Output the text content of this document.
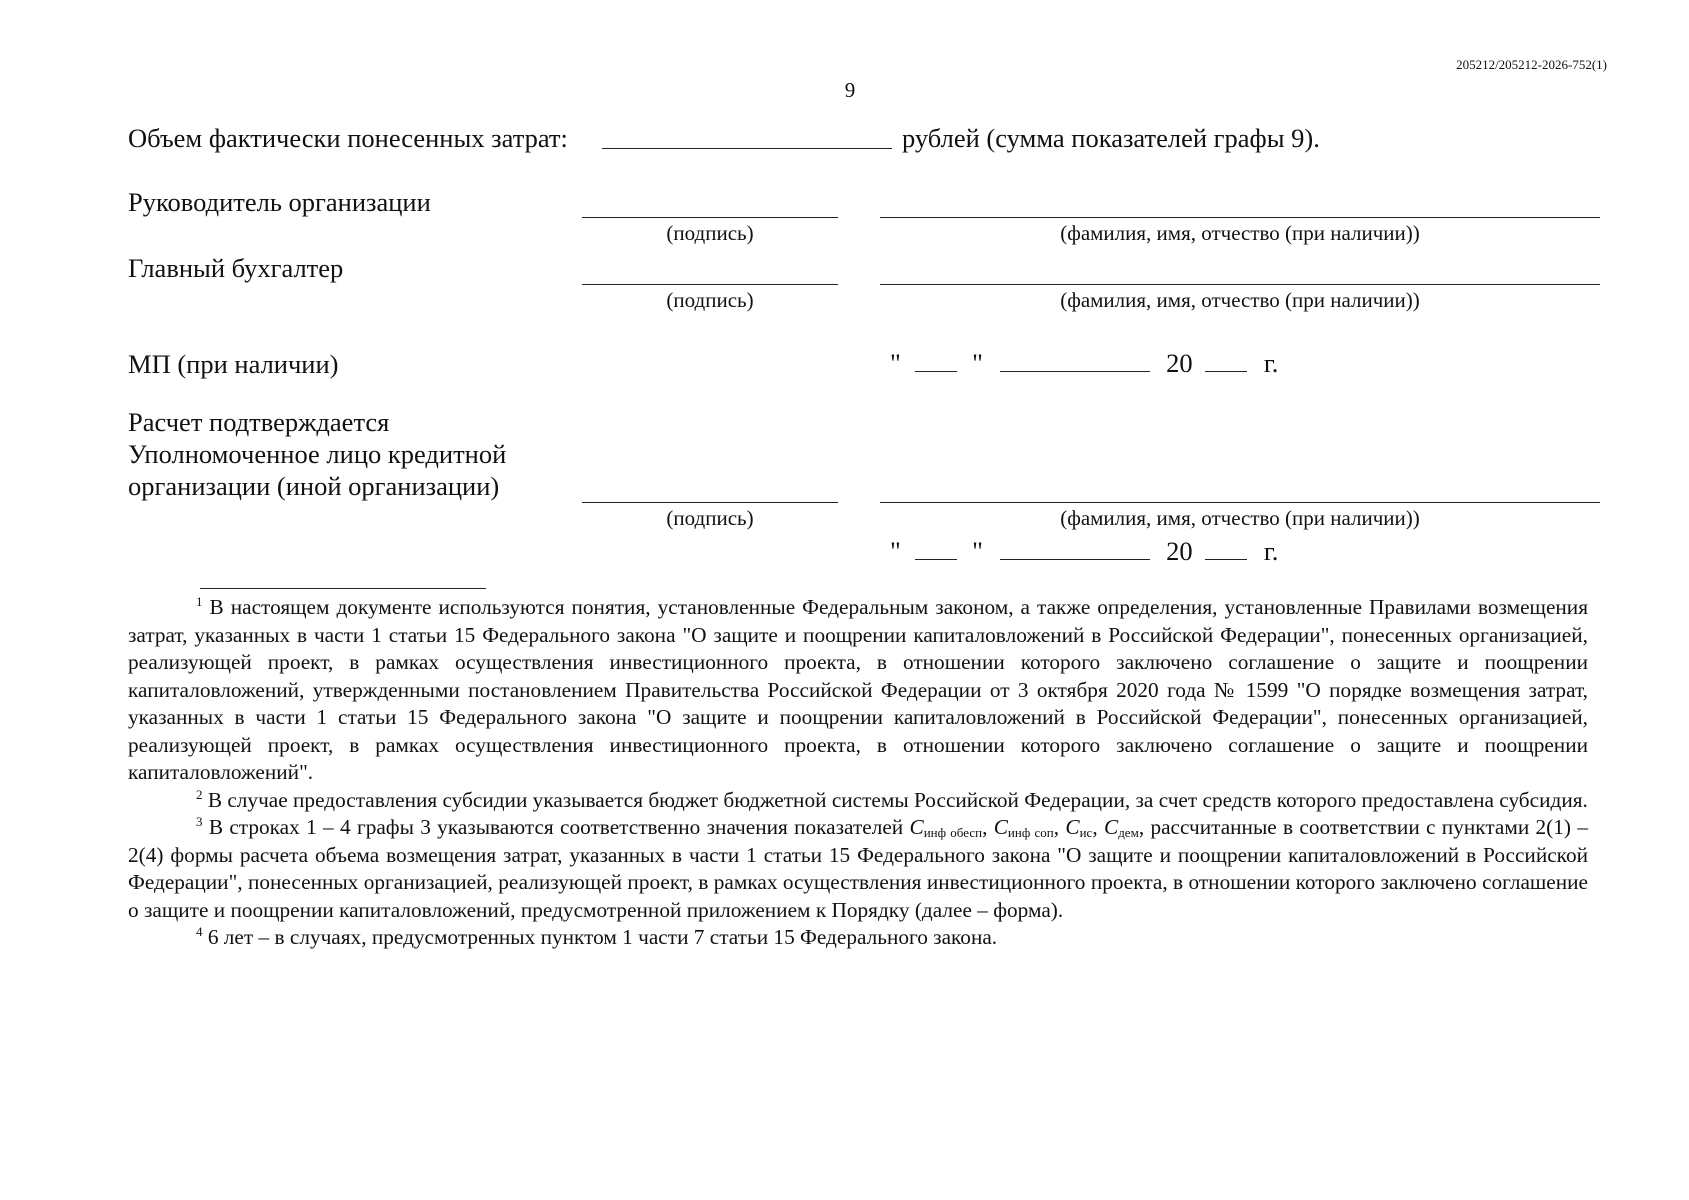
205212/205212-2026-752(1)
9
Объем фактически понесенных затрат:	рублей (сумма показателей графы 9).
Руководитель организации
(подпись)	(фамилия, имя, отчество (при наличии))
Главный бухгалтер
(подпись)	(фамилия, имя, отчество (при наличии))
МП (при наличии)	"	"	20	г.
Расчет подтверждается
Уполномоченное лицо кредитной
организации (иной организации)
(подпись)	(фамилия, имя, отчество (при наличии))
"	"	20	г.

$^1$ В настоящем документе используются понятия, установленные Федеральным законом, а также определения, установленные Правилами возмещения затрат, указанных в части 1 статьи 15 Федерального закона "О защите и поощрении капиталовложений в Российской Федерации", понесенных организацией, реализующей проект, в рамках осуществления инвестиционного проекта, в отношении которого заключено соглашение о защите и поощрении капиталовложений, утвержденными постановлением Правительства Российской Федерации от 3 октября 2020 года № 1599 "О порядке возмещения затрат, указанных в части 1 статьи 15 Федерального закона "О защите и поощрении капиталовложений в Российской Федерации", понесенных организацией, реализующей проект, в рамках осуществления инвестиционного проекта, в отношении которого заключено соглашение о защите и поощрении капиталовложений".

$^2$ В случае предоставления субсидии указывается бюджет бюджетной системы Российской Федерации, за счет средств которого предоставлена субсидия.

$^3$ В строках 1 – 4 графы 3 указываются соответственно значения показателей $C_{инф обесп}$, $C_{инф соп}$, $C_{ис}$, $C_{дем}$, рассчитанные в соответствии с пунктами 2(1) – 2(4) формы расчета объема возмещения затрат, указанных в части 1 статьи 15 Федерального закона "О защите и поощрении капиталовложений в Российской Федерации", понесенных организацией, реализующей проект, в рамках осуществления инвестиционного проекта, в отношении которого заключено соглашение о защите и поощрении капиталовложений, предусмотренной приложением к Порядку (далее – форма).

$^4$ 6 лет – в случаях, предусмотренных пунктом 1 части 7 статьи 15 Федерального закона.
